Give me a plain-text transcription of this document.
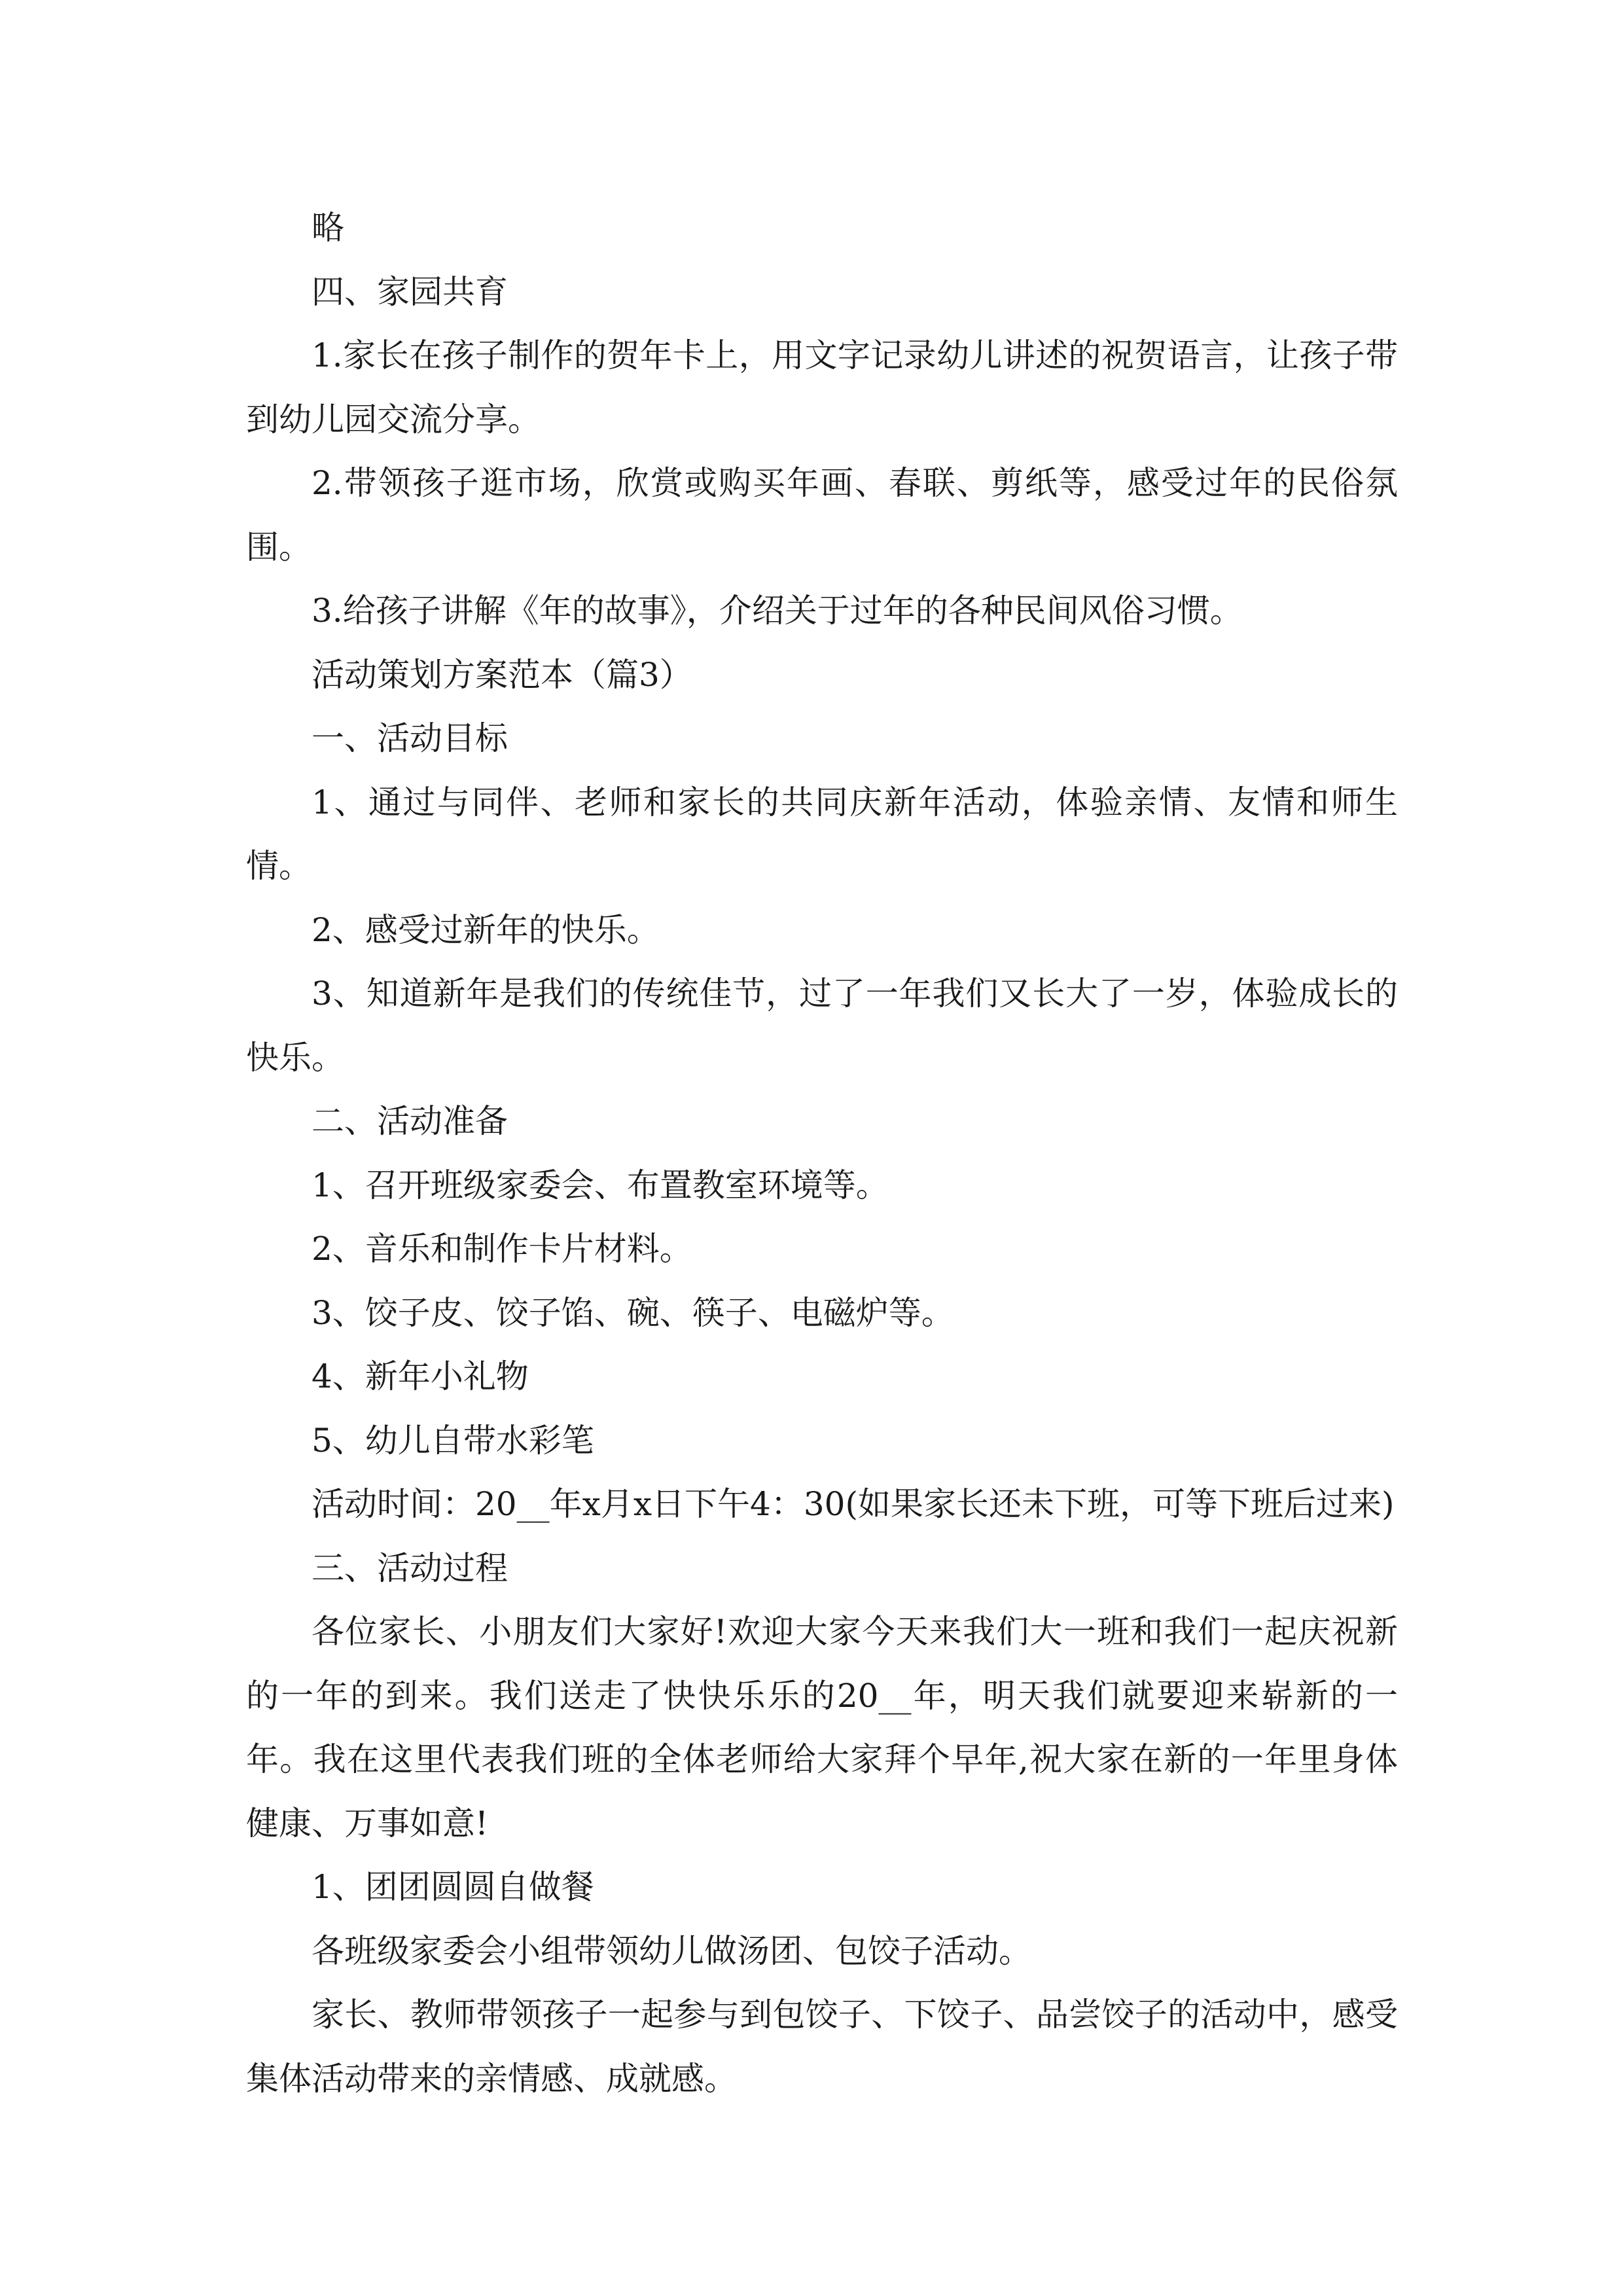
略

四、家园共育

1.家长在孩子制作的贺年卡上，用文字记录幼儿讲述的祝贺语言，让孩子带到幼儿园交流分享。

2.带领孩子逛市场，欣赏或购买年画、春联、剪纸等，感受过年的民俗氛围。

3.给孩子讲解《年的故事》，介绍关于过年的各种民间风俗习惯。

活动策划方案范本（篇3）

一、活动目标

1、通过与同伴、老师和家长的共同庆新年活动，体验亲情、友情和师生情。

2、感受过新年的快乐。

3、知道新年是我们的传统佳节，过了一年我们又长大了一岁，体验成长的快乐。

二、活动准备

1、召开班级家委会、布置教室环境等。

2、音乐和制作卡片材料。

3、饺子皮、饺子馅、碗、筷子、电磁炉等。

4、新年小礼物

5、幼儿自带水彩笔

活动时间：20__年x月x日下午4：30(如果家长还未下班，可等下班后过来)

三、活动过程

各位家长、小朋友们大家好!欢迎大家今天来我们大一班和我们一起庆祝新的一年的到来。我们送走了快快乐乐的20__年，明天我们就要迎来崭新的一年。我在这里代表我们班的全体老师给大家拜个早年,祝大家在新的一年里身体健康、万事如意!

1、团团圆圆自做餐

各班级家委会小组带领幼儿做汤团、包饺子活动。

家长、教师带领孩子一起参与到包饺子、下饺子、品尝饺子的活动中，感受集体活动带来的亲情感、成就感。
